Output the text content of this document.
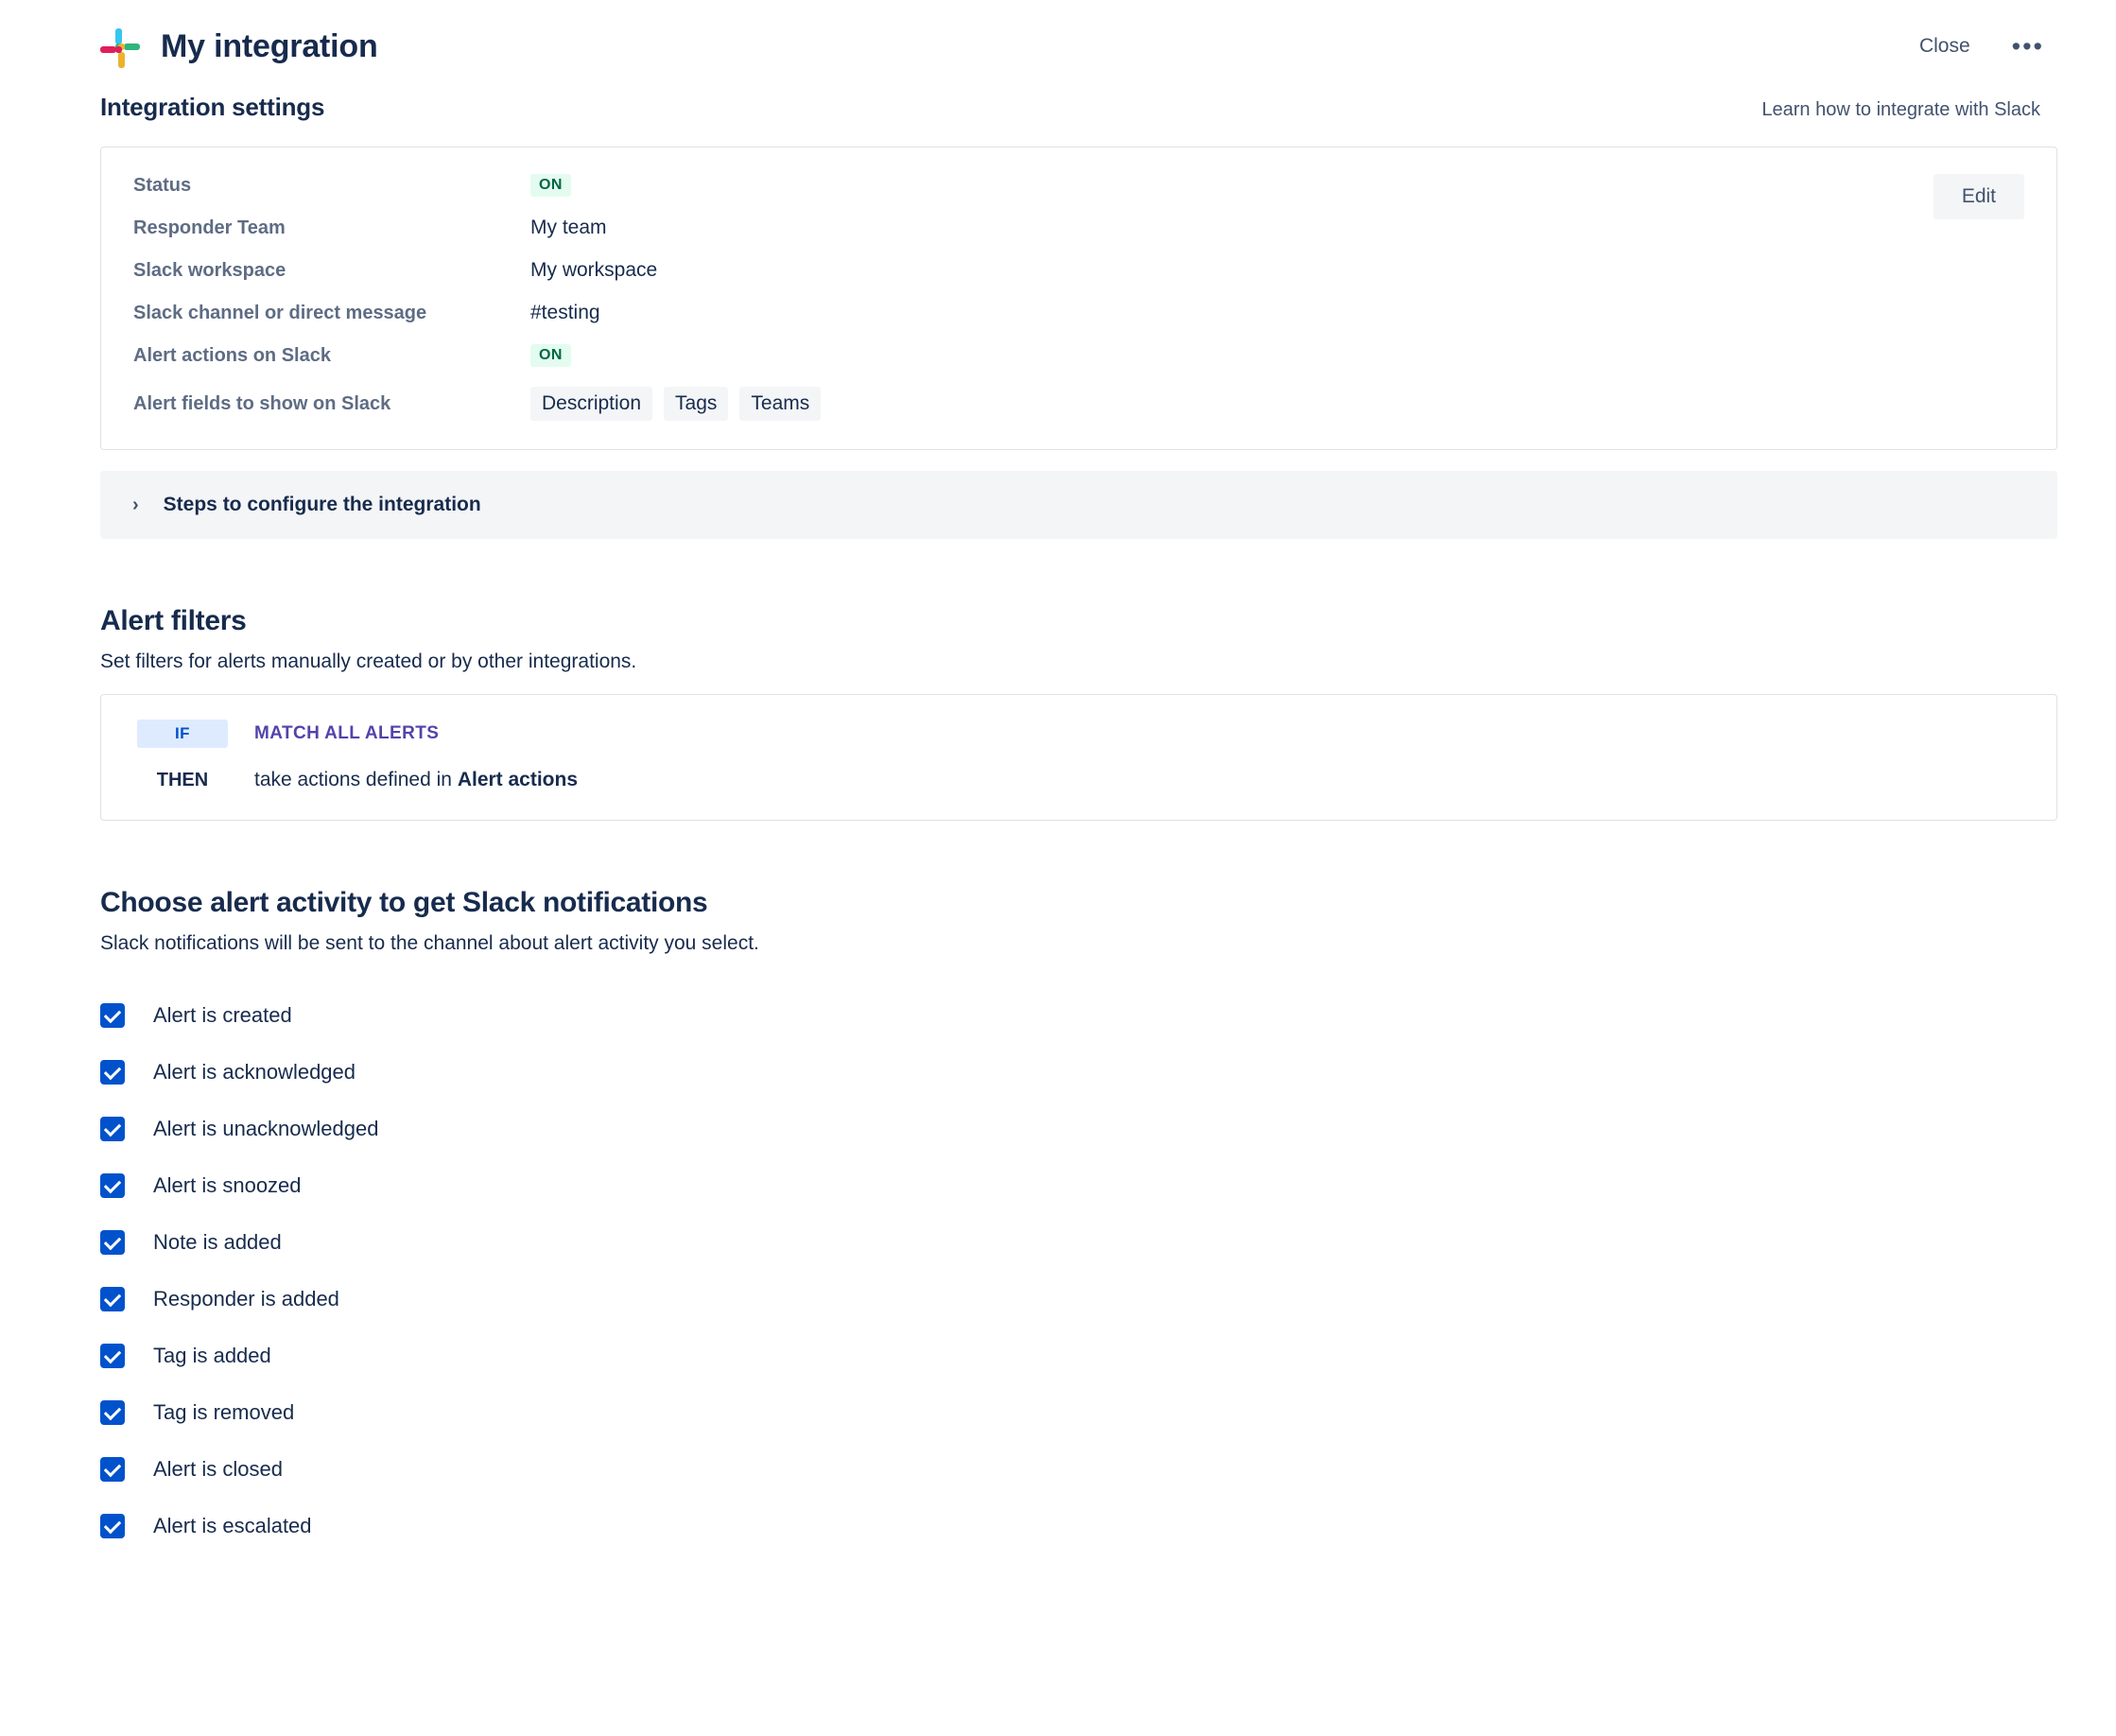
My integration	Close •••
Integration settings	Learn how to integrate with Slack
Edit
Status	ON
Responder Team	My team
Slack workspace	My workspace
Slack channel or direct message	#testing
Alert actions on Slack	ON
Alert fields to show on Slack	Description	Tags	Teams
› Steps to configure the integration
Alert filters

Set filters for alerts manually created or by other integrations.

IF	MATCH ALL ALERTS
THEN	take actions defined in Alert actions
Choose alert activity to get Slack notifications

Slack notifications will be sent to the channel about alert activity you select.

Alert is created
Alert is acknowledged
Alert is unacknowledged
Alert is snoozed
Note is added
Responder is added
Tag is added
Tag is removed
Alert is closed
Alert is escalated
